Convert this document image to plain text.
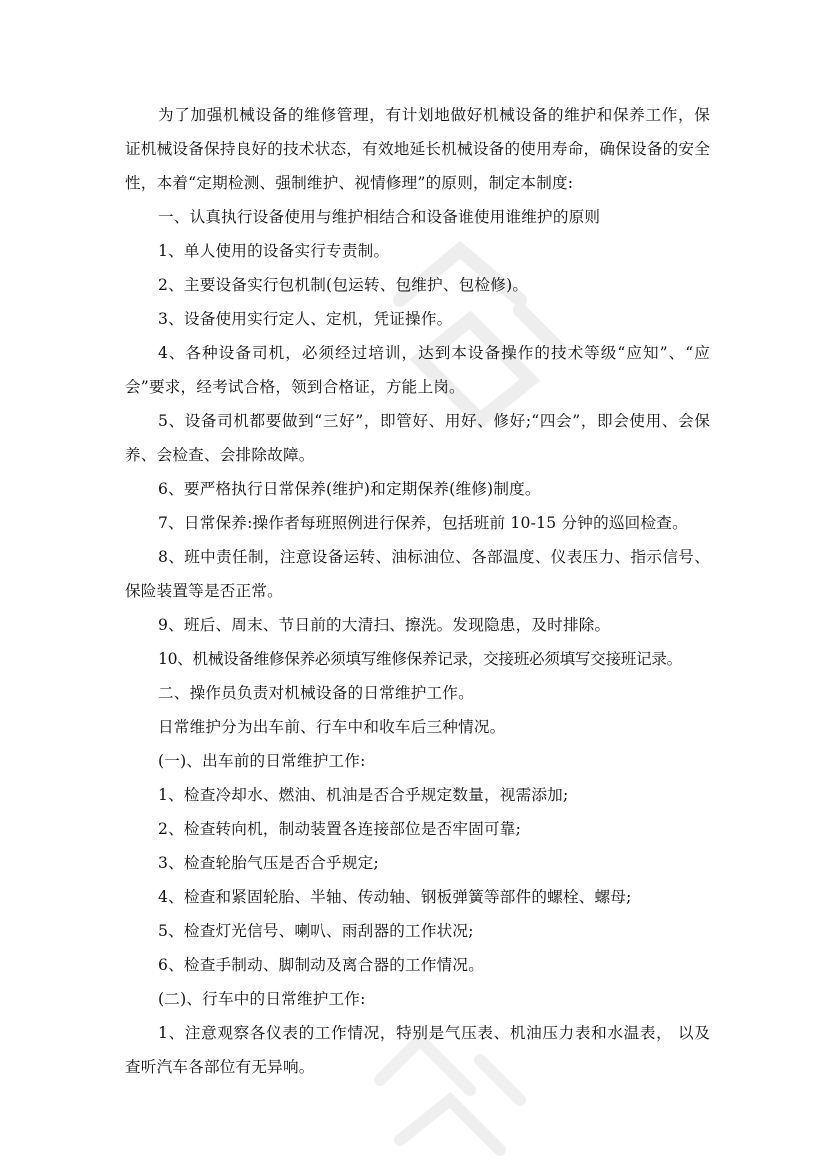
为了加强机械设备的维修管理，有计划地做好机械设备的维护和保养工作，保证机械设备保持良好的技术状态，有效地延长机械设备的使用寿命，确保设备的安全性，本着“定期检测、强制维护、视情修理”的原则，制定本制度:

一、认真执行设备使用与维护相结合和设备谁使用谁维护的原则

1、单人使用的设备实行专责制。

2、主要设备实行包机制(包运转、包维护、包检修)。

3、设备使用实行定人、定机，凭证操作。

4、各种设备司机，必须经过培训，达到本设备操作的技术等级“应知”、“应会”要求，经考试合格，领到合格证，方能上岗。

5、设备司机都要做到“三好”，即管好、用好、修好;“四会”，即会使用、会保养、会检查、会排除故障。

6、要严格执行日常保养(维护)和定期保养(维修)制度。

7、日常保养:操作者每班照例进行保养，包括班前 10-15 分钟的巡回检查。

8、班中责任制，注意设备运转、油标油位、各部温度、仪表压力、指示信号、保险装置等是否正常。

9、班后、周末、节日前的大清扫、擦洗。发现隐患，及时排除。

10、机械设备维修保养必须填写维修保养记录，交接班必须填写交接班记录。

二、操作员负责对机械设备的日常维护工作。

日常维护分为出车前、行车中和收车后三种情况。

(一)、出车前的日常维护工作:

1、检查冷却水、燃油、机油是否合乎规定数量，视需添加;

2、检查转向机，制动装置各连接部位是否牢固可靠;

3、检查轮胎气压是否合乎规定;

4、检查和紧固轮胎、半轴、传动轴、钢板弹簧等部件的螺栓、螺母;

5、检查灯光信号、喇叭、雨刮器的工作状况;

6、检查手制动、脚制动及离合器的工作情况。

(二)、行车中的日常维护工作:

1、注意观察各仪表的工作情况，特别是气压表、机油压力表和水温表， 以及查听汽车各部位有无异响。
